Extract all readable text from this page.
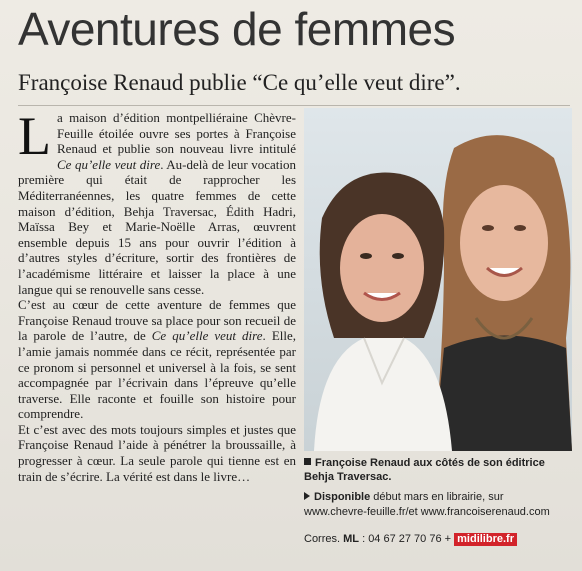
Aventures de femmes
Françoise Renaud publie “Ce qu’elle veut dire”.

La maison d’édition montpelliéraine Chèvre-Feuille étoilée ouvre ses portes à Françoise Renaud et publie son nouveau livre intitulé Ce qu’elle veut dire. Au-delà de leur vocation première qui était de rapprocher les Méditerranéennes, les quatre femmes de cette maison d’édition, Behja Traversac, Édith Hadri, Maïssa Bey et Marie-Noëlle Arras, œuvrent ensemble depuis 15 ans pour ouvrir l’édition à d’autres styles d’écriture, sortir des frontières de l’académisme littéraire et laisser la place à une langue qui se renouvelle sans cesse.

C’est au cœur de cette aventure de femmes que Françoise Renaud trouve sa place pour son recueil de la parole de l’autre, de Ce qu’elle veut dire. Elle, l’amie jamais nommée dans ce récit, représentée par ce pronom si personnel et universel à la fois, se sent accompagnée par l’écrivain dans l’épreuve qu’elle traverse. Elle raconte et fouille son histoire pour comprendre.

Et c’est avec des mots toujours simples et justes que Françoise Renaud l’aide à pénétrer la broussaille, à progresser à cœur. La seule parole qui tienne est en train de s’écrire. La vérité est dans le livre…

Françoise Renaud aux côtés de son éditrice Behja Traversac.
Disponible début mars en librairie, sur
www.chevre-feuille.fr/et www.francoiserenaud.com
Corres. ML : 04 67 27 70 76 + midilibre.fr
